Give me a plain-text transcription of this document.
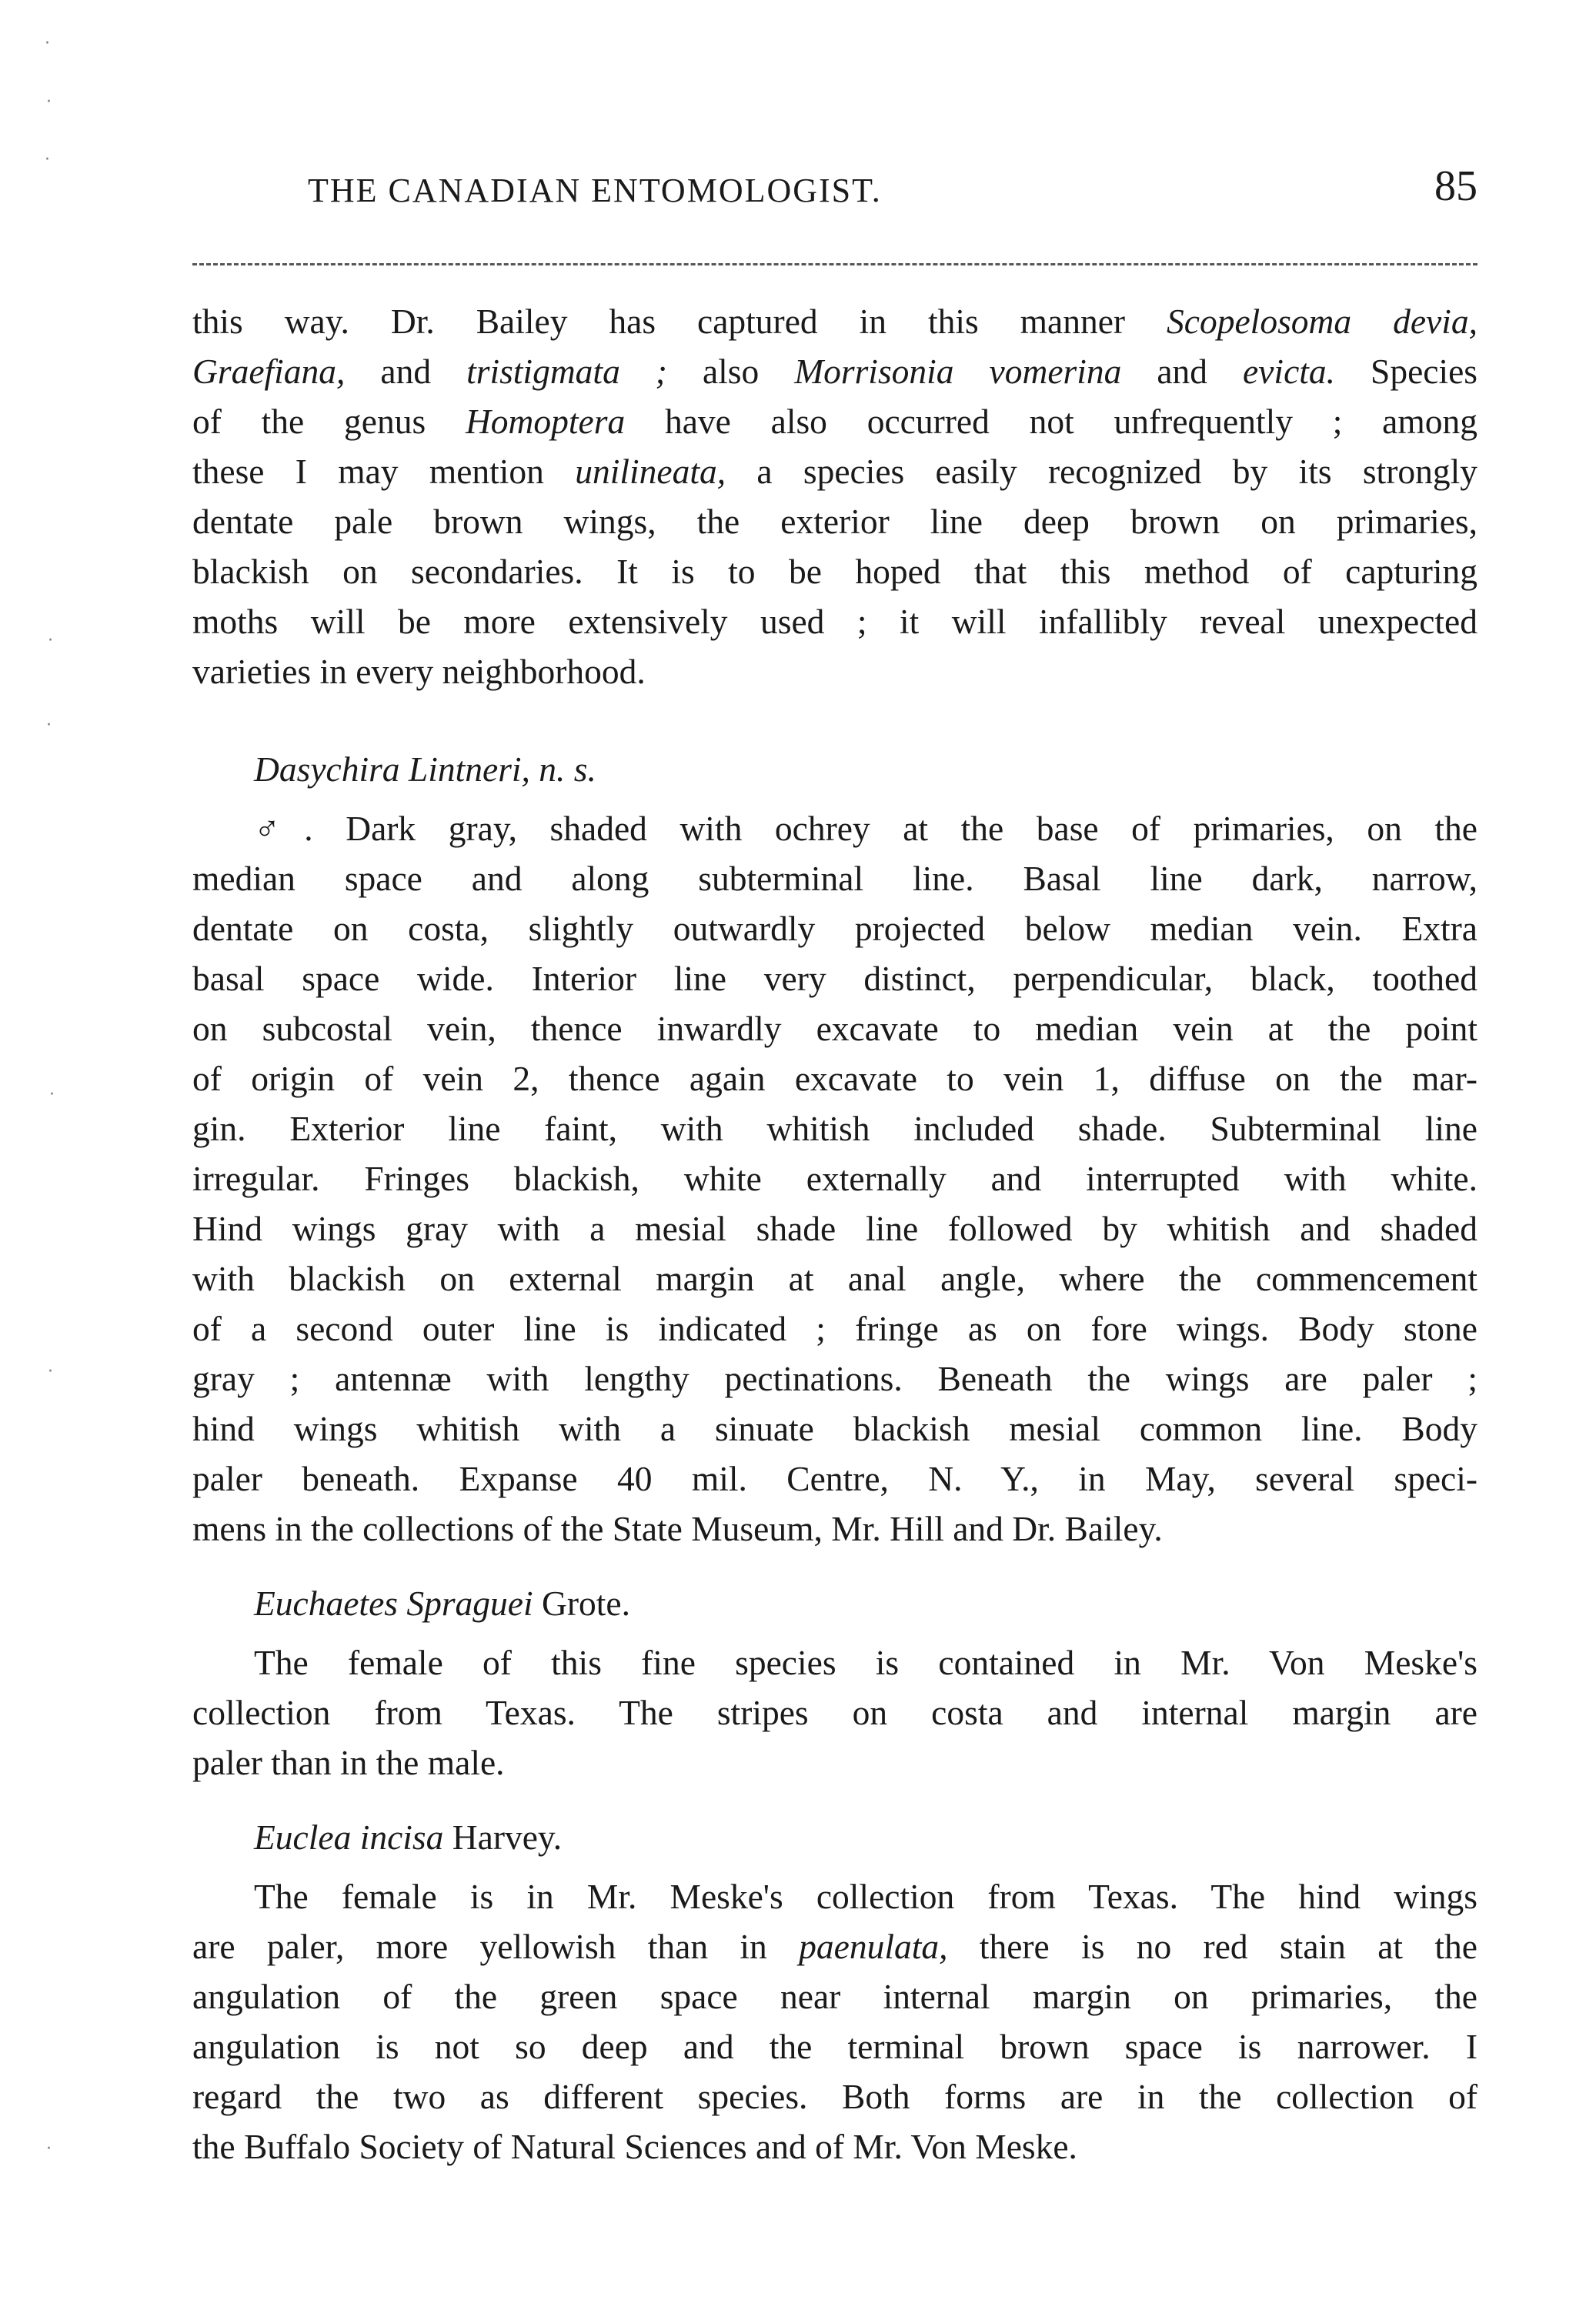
·
·
·
·
·
·
·
·
THE CANADIAN ENTOMOLOGIST.	85
this way. Dr. Bailey has captured in this manner Scopelosoma devia,
Graefiana, and tristigmata ; also Morrisonia vomerina and evicta. Species
of the genus Homoptera have also occurred not unfrequently ; among
these I may mention unilineata, a species easily recognized by its strongly
dentate pale brown wings, the exterior line deep brown on primaries,
blackish on secondaries. It is to be hoped that this method of capturing
moths will be more extensively used ; it will infallibly reveal unexpected
varieties in every neighborhood.
Dasychira Lintneri, n. s.
♂. Dark gray, shaded with ochrey at the base of primaries, on the
median space and along subterminal line. Basal line dark, narrow,
dentate on costa, slightly outwardly projected below median vein. Extra
basal space wide. Interior line very distinct, perpendicular, black, toothed
on subcostal vein, thence inwardly excavate to median vein at the point
of origin of vein 2, thence again excavate to vein 1, diffuse on the mar-
gin. Exterior line faint, with whitish included shade. Subterminal line
irregular. Fringes blackish, white externally and interrupted with white.
Hind wings gray with a mesial shade line followed by whitish and shaded
with blackish on external margin at anal angle, where the commencement
of a second outer line is indicated ; fringe as on fore wings. Body stone
gray ; antennæ with lengthy pectinations. Beneath the wings are paler ;
hind wings whitish with a sinuate blackish mesial common line. Body
paler beneath. Expanse 40 mil. Centre, N. Y., in May, several speci-
mens in the collections of the State Museum, Mr. Hill and Dr. Bailey.
Euchaetes Spraguei Grote.
The female of this fine species is contained in Mr. Von Meske's
collection from Texas. The stripes on costa and internal margin are
paler than in the male.
Euclea incisa Harvey.
The female is in Mr. Meske's collection from Texas. The hind wings
are paler, more yellowish than in paenulata, there is no red stain at the
angulation of the green space near internal margin on primaries, the
angulation is not so deep and the terminal brown space is narrower. I
regard the two as different species. Both forms are in the collection of
the Buffalo Society of Natural Sciences and of Mr. Von Meske.
